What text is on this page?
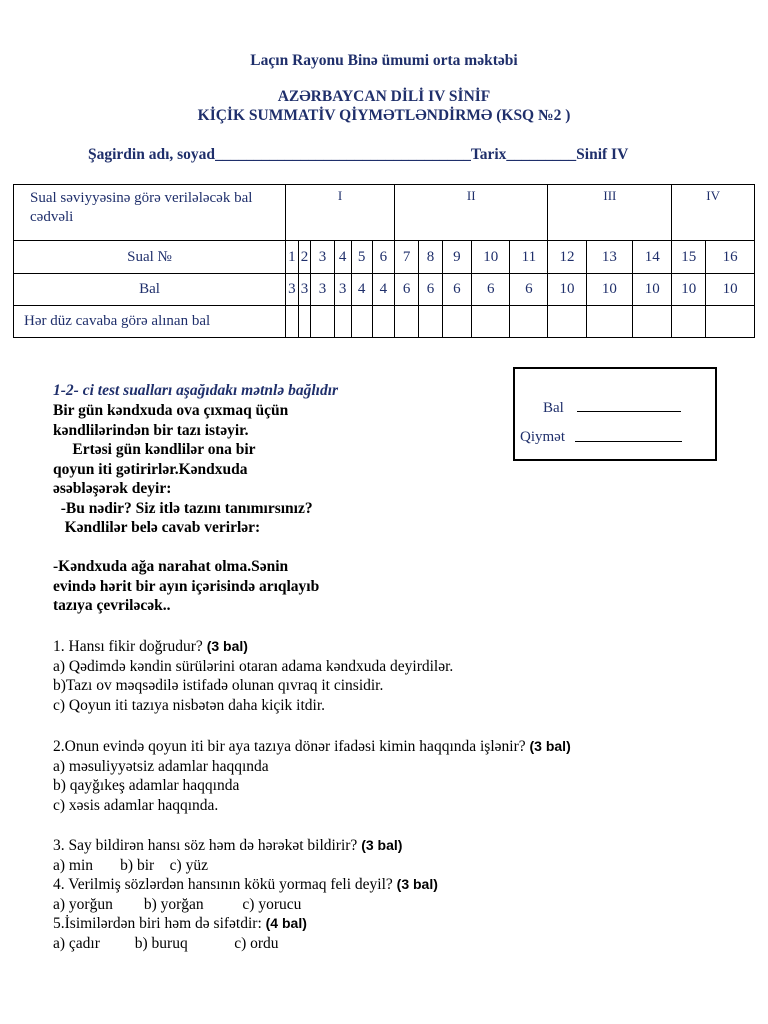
Laçın Rayonu Binə ümumi orta məktəbi
AZƏRBAYCAN DİLİ IV SİNİF
KİÇİK SUMMATİV QİYMƏTLƏNDİRMƏ (KSQ №2 )
Şagirdin adı, soyad_________________________________Tarix_________Sinif IV
Sual səviyyəsinə görə verilələcək bal cədvəli	I						II					III			IV	
Sual №	1	2	3	4	5	6	7	8	9	10	11	12	13	14	15	16
Bal	3	3	3	3	4	4	6	6	6	6	6	10	10	10	10	10
Hər düz cavaba görə alınan bal																
Bal
Qiymət
1-2- ci test sualları aşağıdakı mətnlə bağlıdır
Bir gün kəndxuda ova çıxmaq üçün
kəndlilərindən bir tazı istəyir.
Ertəsi gün kəndlilər ona bir
qoyun iti gətirirlər.Kəndxuda
əsəbləşərək deyir:
-Bu nədir? Siz itlə tazını tanımırsınız?
Kəndlilər belə cavab verirlər:
-Kəndxuda ağa narahat olma.Sənin
evində hərit bir ayın içərisində arıqlayıb
tazıya çevriləcək..
1. Hansı fikir doğrudur? (3 bal)
a) Qədimdə kəndin sürülərini otaran adama kəndxuda deyirdilər.
b)Tazı ov məqsədilə istifadə olunan qıvraq it cinsidir.
c) Qoyun iti tazıya nisbətən daha kiçik itdir.
2.Onun evində qoyun iti bir aya tazıya dönər ifadəsi kimin haqqında işlənir? (3 bal)
a) məsuliyyətsiz adamlar haqqında
b) qayğıkeş adamlar haqqında
c) xəsis adamlar haqqında.
3. Say bildirən hansı söz həm də hərəkət bildirir? (3 bal)
a) min       b) bir    c) yüz
4. Verilmiş sözlərdən hansının kökü yormaq feli deyil? (3 bal)
a) yorğun        b) yorğan          c) yorucu
5.İsimilərdən biri həm də sifətdir: (4 bal)
a) çadır         b) buruq            c) ordu
